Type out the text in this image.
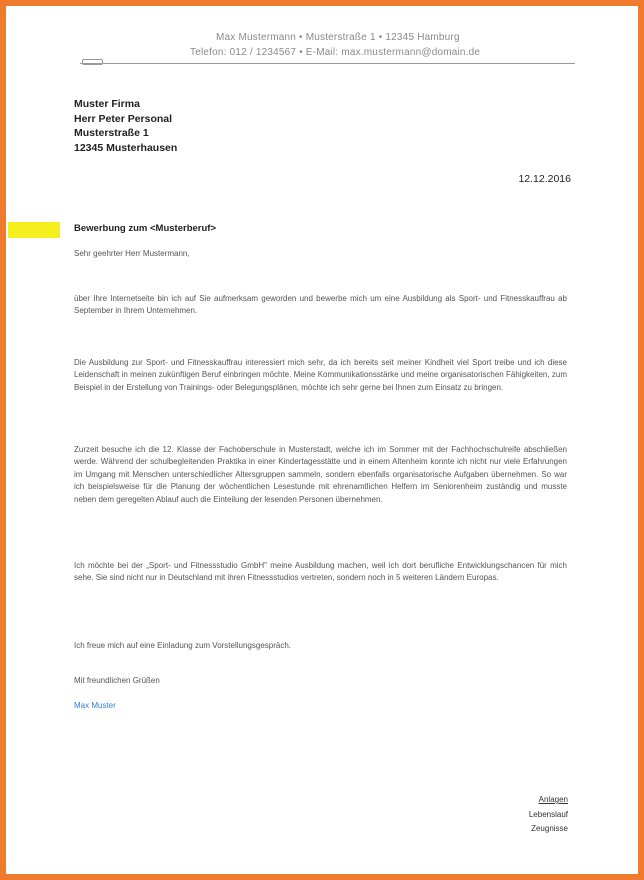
Max Mustermann • Musterstraße 1 • 12345 Hamburg
Telefon: 012 / 1234567 • E-Mail: max.mustermann@domain.de
Muster Firma
Herr Peter Personal
Musterstraße 1
12345 Musterhausen
12.12.2016
Bewerbung zum <Musterberuf>
Sehr geehrter Herr Mustermann,
über Ihre Internetseite bin ich auf Sie aufmerksam geworden und bewerbe mich um eine Ausbildung als Sport- und Fitnesskauffrau ab September in Ihrem Unternehmen.
Die Ausbildung zur Sport- und Fitnesskauffrau interessiert mich sehr, da ich bereits seit meiner Kindheit viel Sport treibe und ich diese Leidenschaft in meinen zukünftigen Beruf einbringen möchte. Meine Kommunikationsstärke und meine organisatorischen Fähigkeiten, zum Beispiel in der Erstellung von Trainings- oder Belegungsplänen, möchte ich sehr gerne bei Ihnen zum Einsatz zu bringen.
Zurzeit besuche ich die 12. Klasse der Fachoberschule in Musterstadt, welche ich im Sommer mit der Fachhochschulreife abschließen werde. Während der schulbegleitenden Praktika in einer Kindertagesstätte und in einem Altenheim konnte ich nicht nur viele Erfahrungen im Umgang mit Menschen unterschiedlicher Altersgruppen sammeln, sondern ebenfalls organisatorische Aufgaben übernehmen. So war ich beispielsweise für die Planung der wöchentlichen Lesestunde mit ehrenamtlichen Helfern im Seniorenheim zuständig und musste neben dem geregelten Ablauf auch die Einteilung der lesenden Personen übernehmen.
Ich möchte bei der „Sport- und Fitnessstudio GmbH" meine Ausbildung machen, weil ich dort berufliche Entwicklungschancen für mich sehe. Sie sind nicht nur in Deutschland mit ihren Fitnessstudios vertreten, sondern noch in 5 weiteren Ländern Europas.
Ich freue mich auf eine Einladung zum Vorstellungsgespräch.
Mit freundlichen Grüßen
Max Muster
Anlagen
Lebenslauf
Zeugnisse
